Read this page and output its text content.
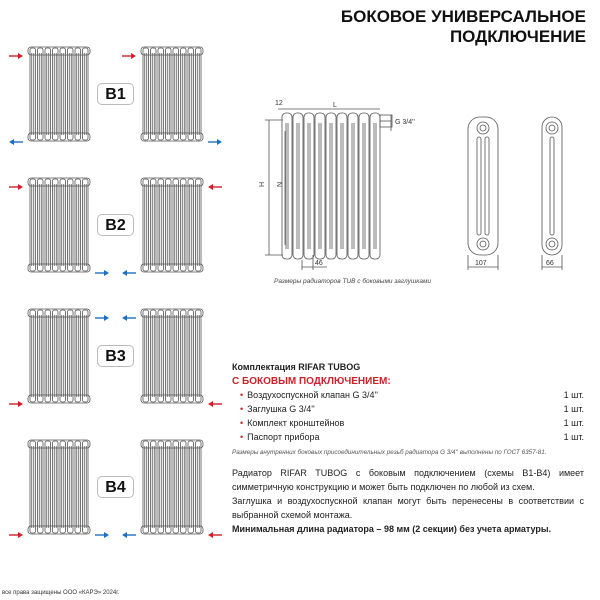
БОКОВОЕ УНИВЕРСАЛЬНОЕ
ПОДКЛЮЧЕНИЕ
B1
B2
B3
B4
12	L
G 3/4''
H N
46	107	66
Размеры радиаторов TUB с боковыми заглушками
Комплектация RIFAR TUBOG
С БОКОВЫМ ПОДКЛЮЧЕНИЕМ:
• Воздухоспускной клапан G 3/4''	1 шт.
• Заглушка G 3/4''	1 шт.
• Комплект кронштейнов	1 шт.
• Паспорт прибора	1 шт.
Размеры внутренних боковых присоединительных резьб радиатора G 3/4'' выполнены по ГОСТ 6357-81.

Радиатор RIFAR TUBOG с боковым подключением (схемы В1-В4) имеет симметричную конструкцию и может быть подключен по любой из схем.

Заглушка и воздухоспускной клапан могут быть перенесены в соответствии с выбранной схемой монтажа.

Минимальная длина радиатора – 98 мм (2 секции) без учета арматуры.

все права защищены ООО «КАРЭ» 2024г.
